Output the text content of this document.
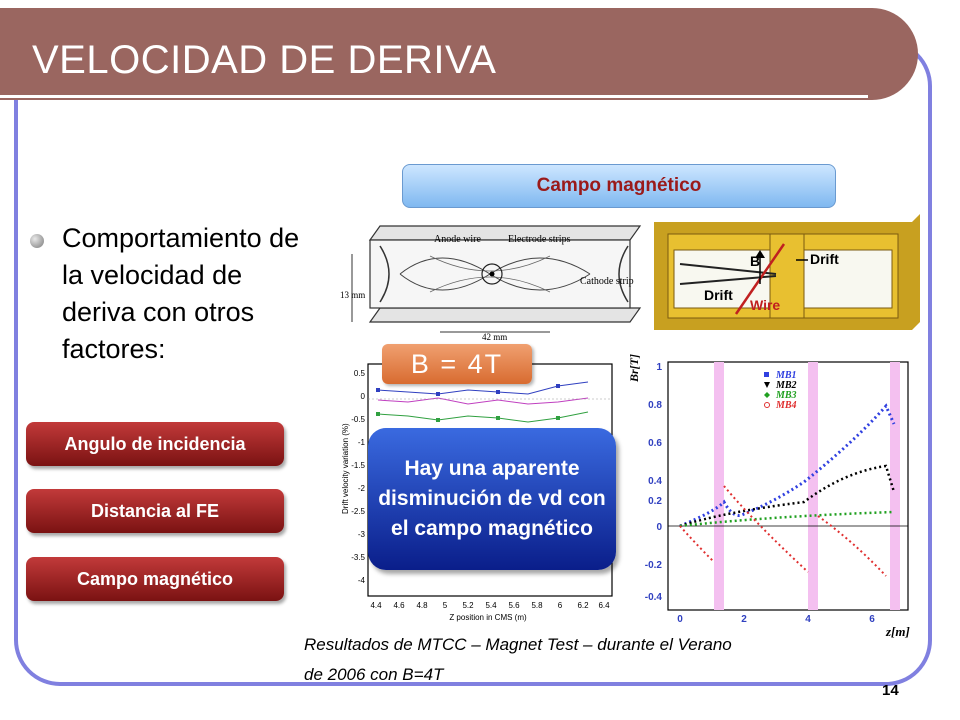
VELOCIDAD DE DERIVA
Comportamiento de la velocidad de deriva con otros factores:
Angulo de incidencia
Distancia al FE
Campo magnético
Campo magnético
Anode wire	Electrode strips
Cathode strip
13 mm
42 mm
B	Drift
Drift
Wire
Drift velocity variation (%)
0.5
0
-0.5
-1
-1.5
-2
-2.5
-3
-3.5
-4
4.4 4.6 4.8 5 5.2 5.4 5.6 5.8 6 6.2 6.4
Z position in CMS (m)
Br[T] 1
0.8
0.6
0.4
0.2
0
-0.2
-0.4
0	2	4	6
z[m]
MB1
MB2
MB3
MB4
B = 4T
Hay una aparente disminución de vd con el campo magnético
Resultados de MTCC – Magnet Test – durante el Verano de 2006 con B=4T
14
